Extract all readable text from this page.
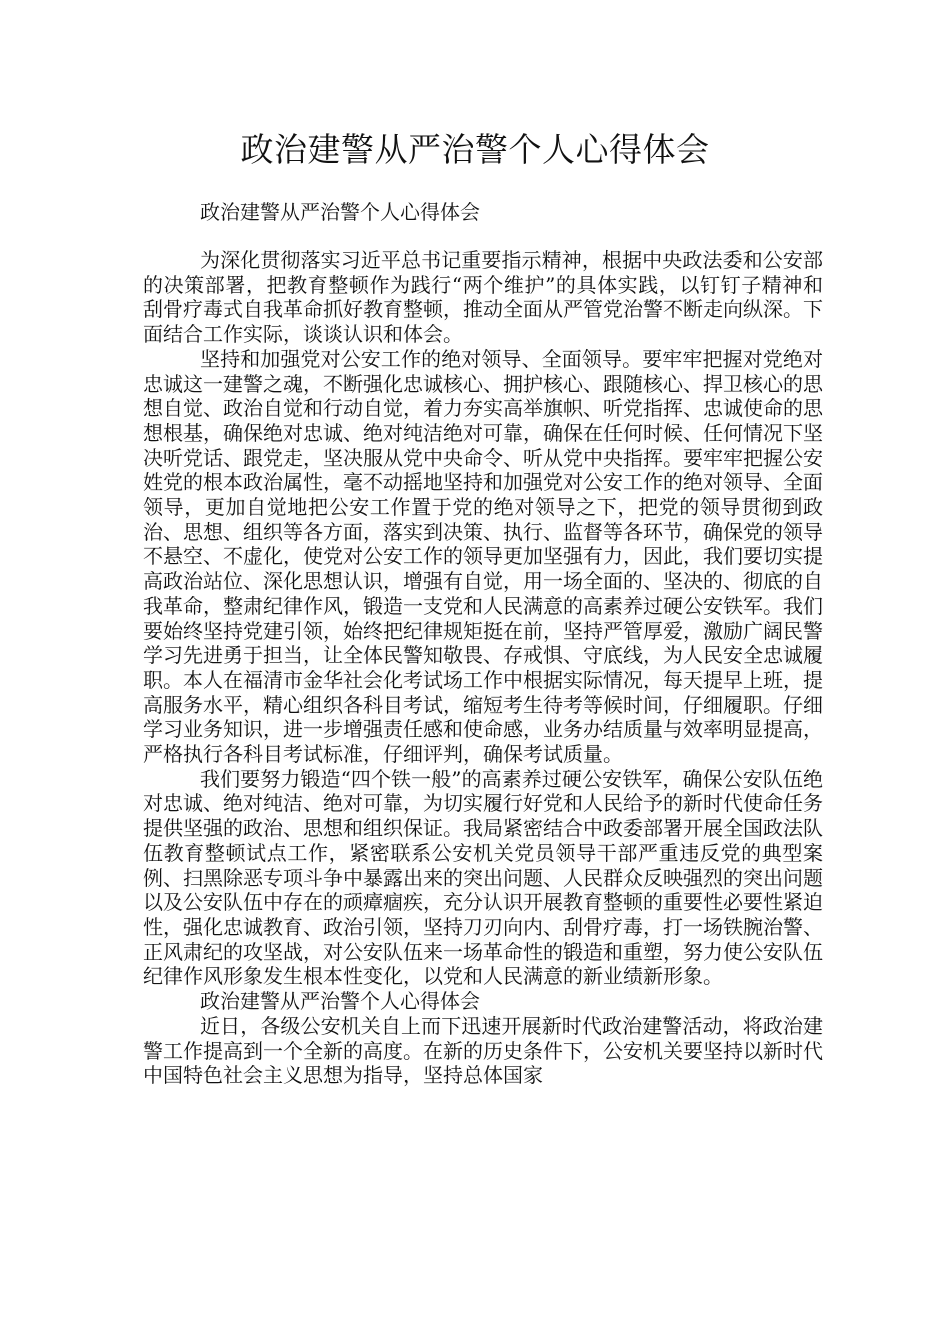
政治建警从严治警个人心得体会
政治建警从严治警个人心得体会

为深化贯彻落实习近平总书记重要指示精神，根据中央政法委和公安部的决策部署，把教育整顿作为践行“两个维护”的具体实践，以钉钉子精神和刮骨疗毒式自我革命抓好教育整顿，推动全面从严管党治警不断走向纵深。下面结合工作实际，谈谈认识和体会。

坚持和加强党对公安工作的绝对领导、全面领导。要牢牢把握对党绝对忠诚这一建警之魂，不断强化忠诚核心、拥护核心、跟随核心、捍卫核心的思想自觉、政治自觉和行动自觉，着力夯实高举旗帜、听党指挥、忠诚使命的思想根基，确保绝对忠诚、绝对纯洁绝对可靠，确保在任何时候、任何情况下坚决听党话、跟党走，坚决服从党中央命令、听从党中央指挥。要牢牢把握公安姓党的根本政治属性，毫不动摇地坚持和加强党对公安工作的绝对领导、全面领导，更加自觉地把公安工作置于党的绝对领导之下，把党的领导贯彻到政治、思想、组织等各方面，落实到决策、执行、监督等各环节，确保党的领导不悬空、不虚化，使党对公安工作的领导更加坚强有力，因此，我们要切实提高政治站位、深化思想认识，增强有自觉，用一场全面的、坚决的、彻底的自我革命，整肃纪律作风，锻造一支党和人民满意的高素养过硬公安铁军。我们要始终坚持党建引领，始终把纪律规矩挺在前，坚持严管厚爱，激励广阔民警学习先进勇于担当，让全体民警知敬畏、存戒惧、守底线，为人民安全忠诚履职。本人在福清市金华社会化考试场工作中根据实际情况，每天提早上班，提高服务水平，精心组织各科目考试，缩短考生待考等候时间，仔细履职。仔细学习业务知识，进一步增强责任感和使命感，业务办结质量与效率明显提高，严格执行各科目考试标准，仔细评判，确保考试质量。

我们要努力锻造“四个铁一般”的高素养过硬公安铁军，确保公安队伍绝对忠诚、绝对纯洁、绝对可靠，为切实履行好党和人民给予的新时代使命任务提供坚强的政治、思想和组织保证。我局紧密结合中政委部署开展全国政法队伍教育整顿试点工作，紧密联系公安机关党员领导干部严重违反党的典型案例、扫黑除恶专项斗争中暴露出来的突出问题、人民群众反映强烈的突出问题以及公安队伍中存在的顽瘴痼疾，充分认识开展教育整顿的重要性必要性紧迫性，强化忠诚教育、政治引领，坚持刀刃向内、刮骨疗毒，打一场铁腕治警、正风肃纪的攻坚战，对公安队伍来一场革命性的锻造和重塑，努力使公安队伍纪律作风形象发生根本性变化，以党和人民满意的新业绩新形象。

政治建警从严治警个人心得体会

近日，各级公安机关自上而下迅速开展新时代政治建警活动，将政治建警工作提高到一个全新的高度。在新的历史条件下，公安机关要坚持以新时代中国特色社会主义思想为指导，坚持总体国家
